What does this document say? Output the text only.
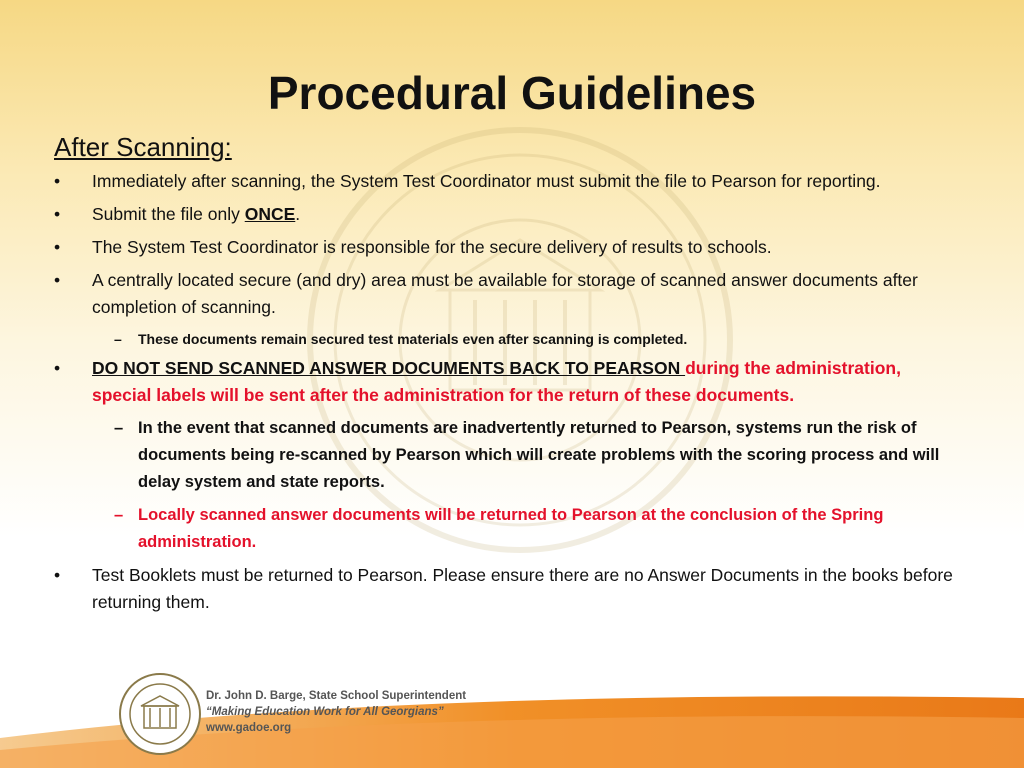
Procedural Guidelines
After Scanning:
•	Immediately after scanning, the System Test Coordinator must submit the file to Pearson for reporting.
•	Submit the file only ONCE.
•	The System Test Coordinator is responsible for the secure delivery of results to schools.
•	A centrally located secure (and dry) area must be available for storage of scanned answer documents after completion of scanning.
– These documents remain secured test materials even after scanning is completed.
•	DO NOT SEND SCANNED ANSWER DOCUMENTS BACK TO PEARSON during the administration, special labels will be sent after the administration for the return of these documents.
– In the event that scanned documents are inadvertently returned to Pearson, systems run the risk of documents being re-scanned by Pearson which will create problems with the scoring process and will delay system and state reports.
– Locally scanned answer documents will be returned to Pearson at the conclusion of the Spring administration.
•	Test Booklets must be returned to Pearson. Please ensure there are no Answer Documents in the books before returning them.
Dr. John D. Barge, State School Superintendent
“Making Education Work for All Georgians”
www.gadoe.org
